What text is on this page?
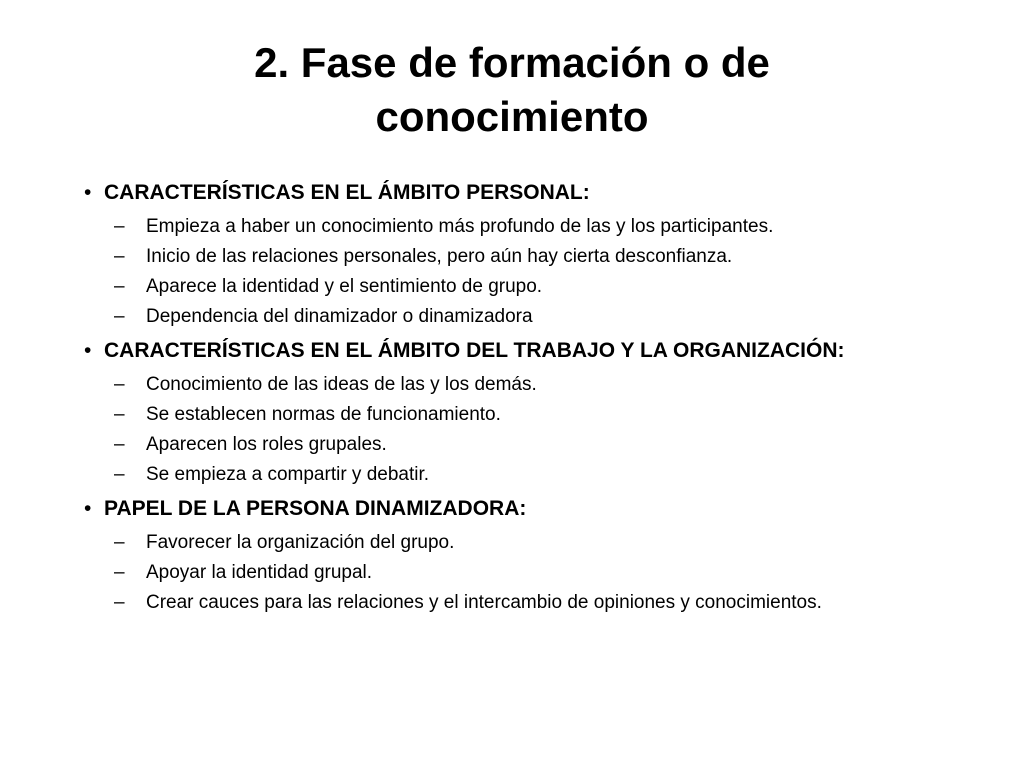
2. Fase de formación o de
conocimiento
• CARACTERÍSTICAS EN EL ÁMBITO PERSONAL:
–	Empieza a haber un conocimiento más profundo de las y los participantes.
–	Inicio de las relaciones personales, pero aún hay cierta desconfianza.
–	Aparece la identidad y el sentimiento de grupo.
–	Dependencia del dinamizador o dinamizadora
• CARACTERÍSTICAS EN EL ÁMBITO DEL TRABAJO Y LA ORGANIZACIÓN:
–	Conocimiento de las ideas de las y los demás.
–	Se establecen normas de funcionamiento.
–	Aparecen los roles grupales.
–	Se empieza a compartir y debatir.
• PAPEL DE LA PERSONA DINAMIZADORA:
–	Favorecer la organización del grupo.
–	Apoyar la identidad grupal.
–	Crear cauces para las relaciones y el intercambio de opiniones y conocimientos.
